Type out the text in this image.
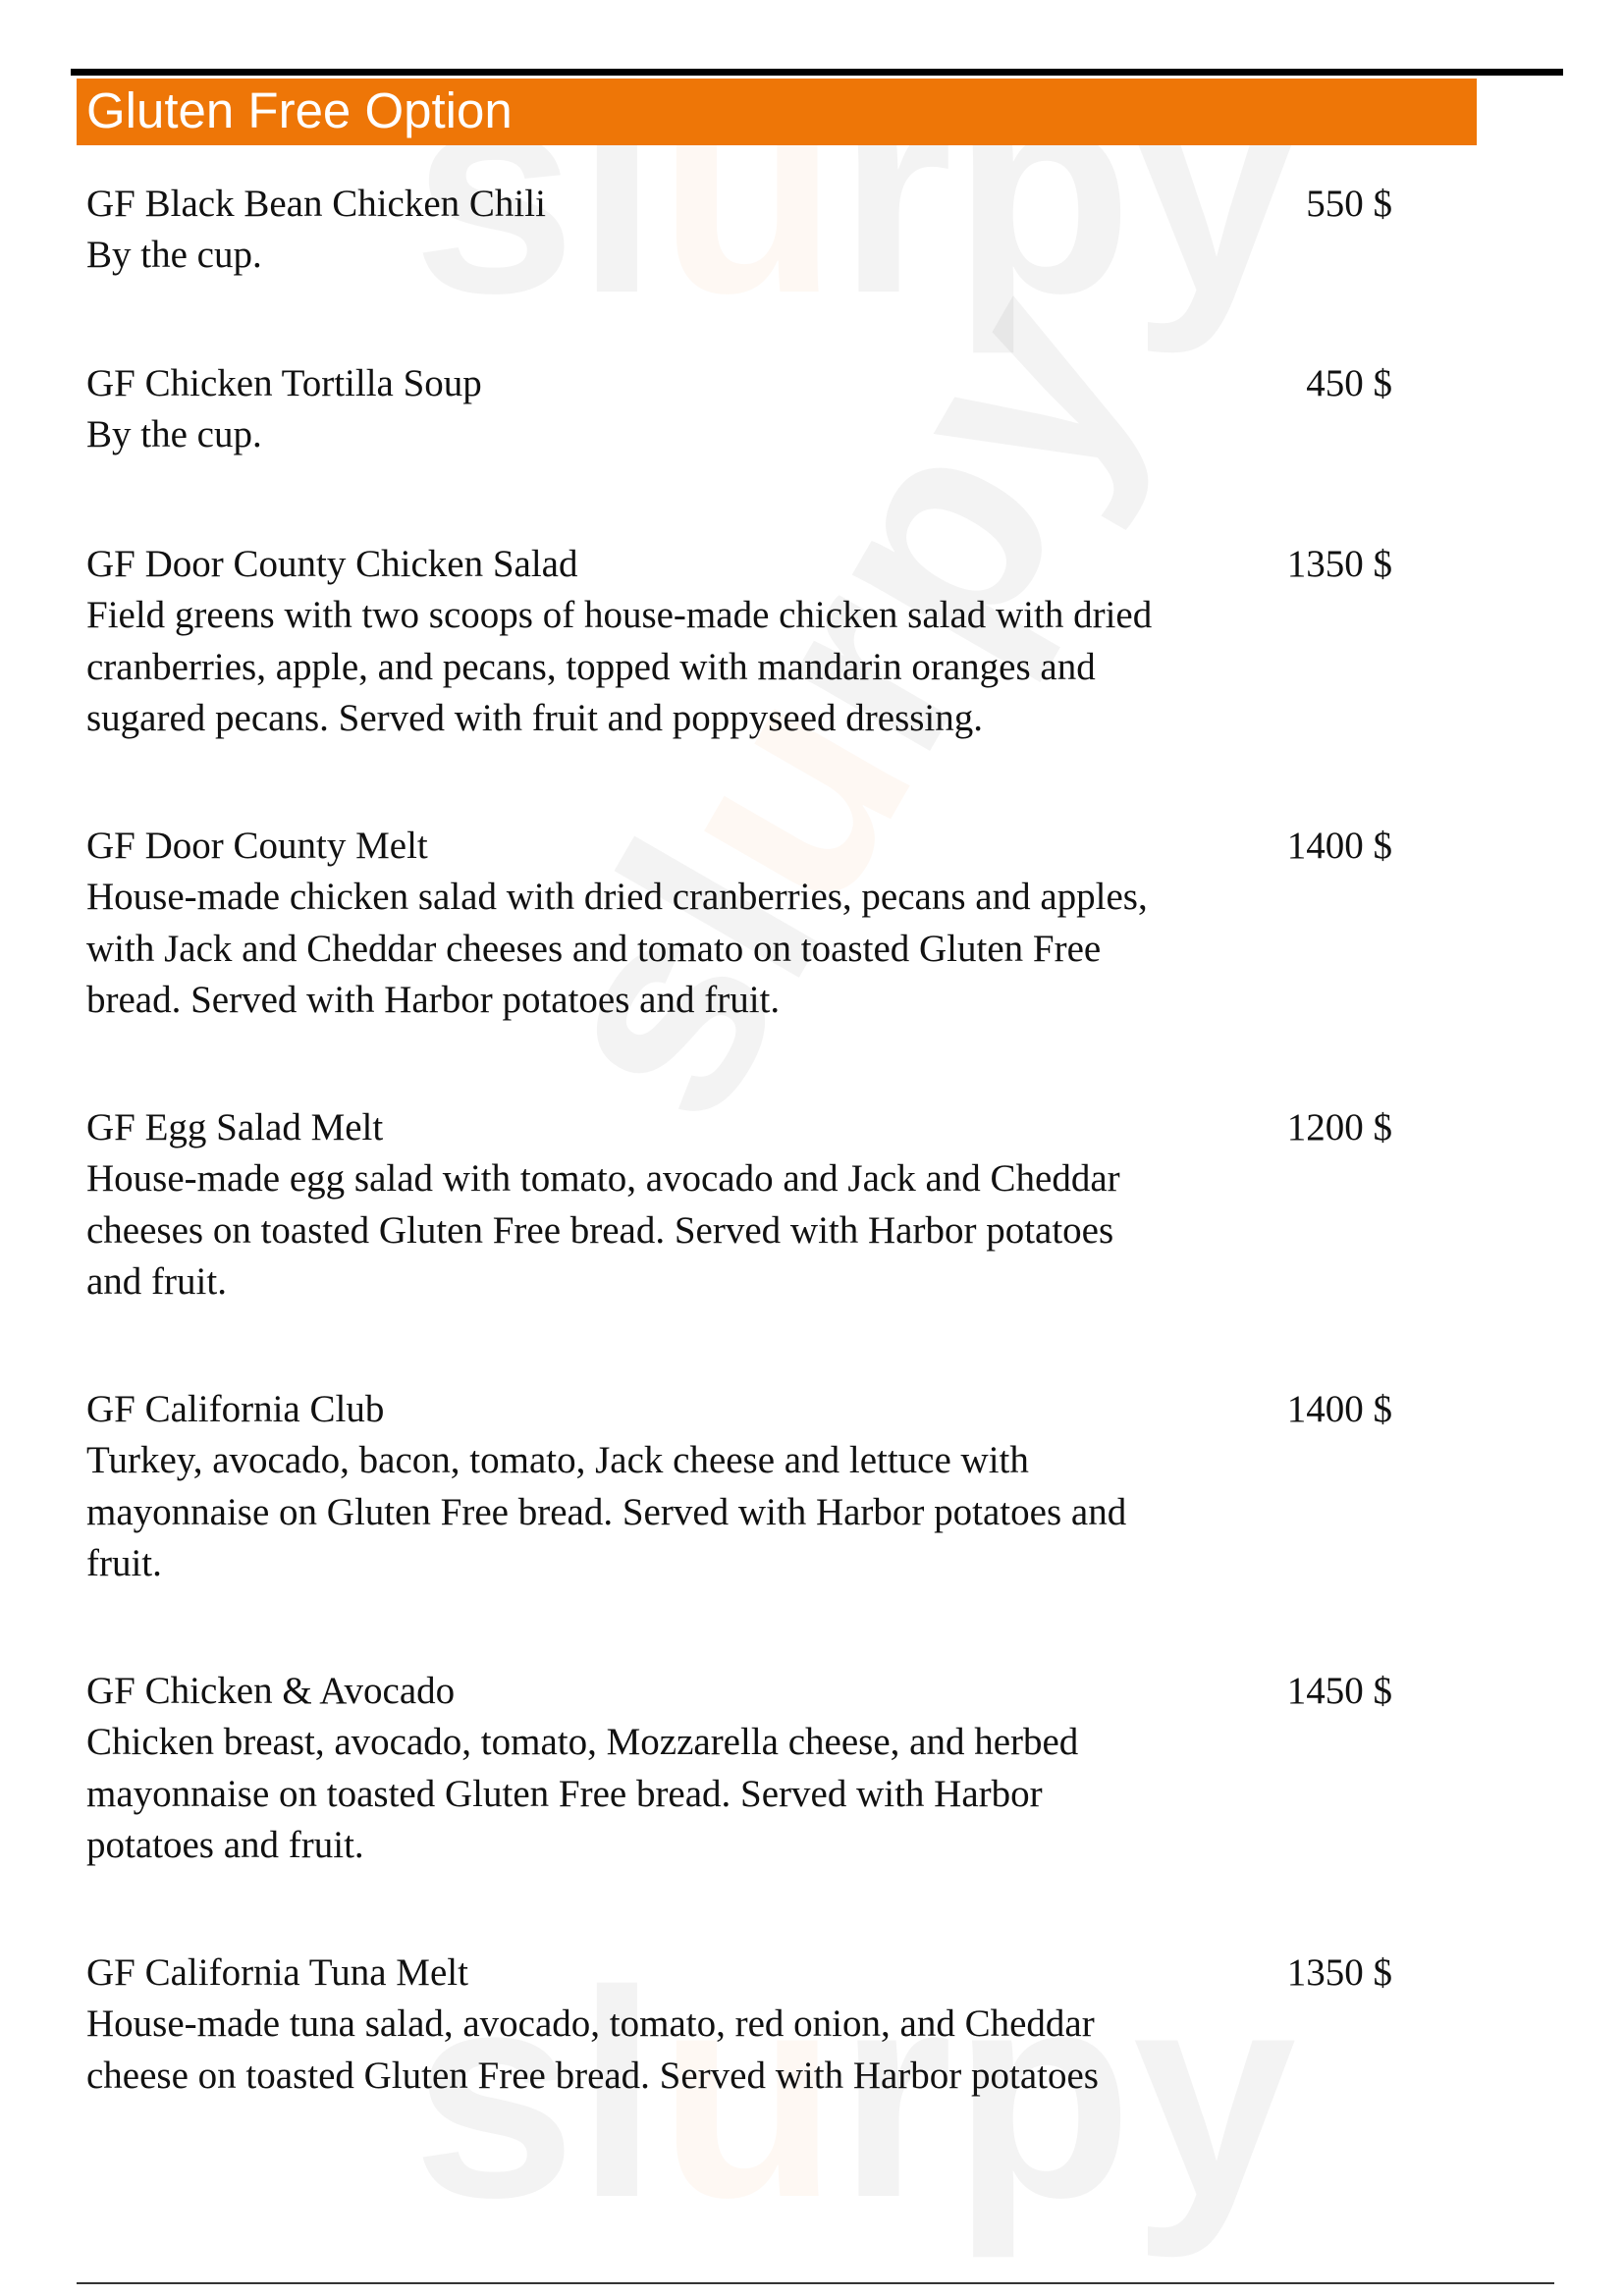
Gluten Free Option
GF Black Bean Chicken Chili	550 $
By the cup.
GF Chicken Tortilla Soup	450 $
By the cup.
GF Door County Chicken Salad	1350 $
Field greens with two scoops of house-made chicken salad with dried
cranberries, apple, and pecans, topped with mandarin oranges and
sugared pecans. Served with fruit and poppyseed dressing.
GF Door County Melt	1400 $
House-made chicken salad with dried cranberries, pecans and apples,
with Jack and Cheddar cheeses and tomato on toasted Gluten Free
bread. Served with Harbor potatoes and fruit.
GF Egg Salad Melt	1200 $
House-made egg salad with tomato, avocado and Jack and Cheddar
cheeses on toasted Gluten Free bread. Served with Harbor potatoes
and fruit.
GF California Club	1400 $
Turkey, avocado, bacon, tomato, Jack cheese and lettuce with
mayonnaise on Gluten Free bread. Served with Harbor potatoes and
fruit.
GF Chicken & Avocado	1450 $
Chicken breast, avocado, tomato, Mozzarella cheese, and herbed
mayonnaise on toasted Gluten Free bread. Served with Harbor
potatoes and fruit.
GF California Tuna Melt	1350 $
House-made tuna salad, avocado, tomato, red onion, and Cheddar
cheese on toasted Gluten Free bread. Served with Harbor potatoes
